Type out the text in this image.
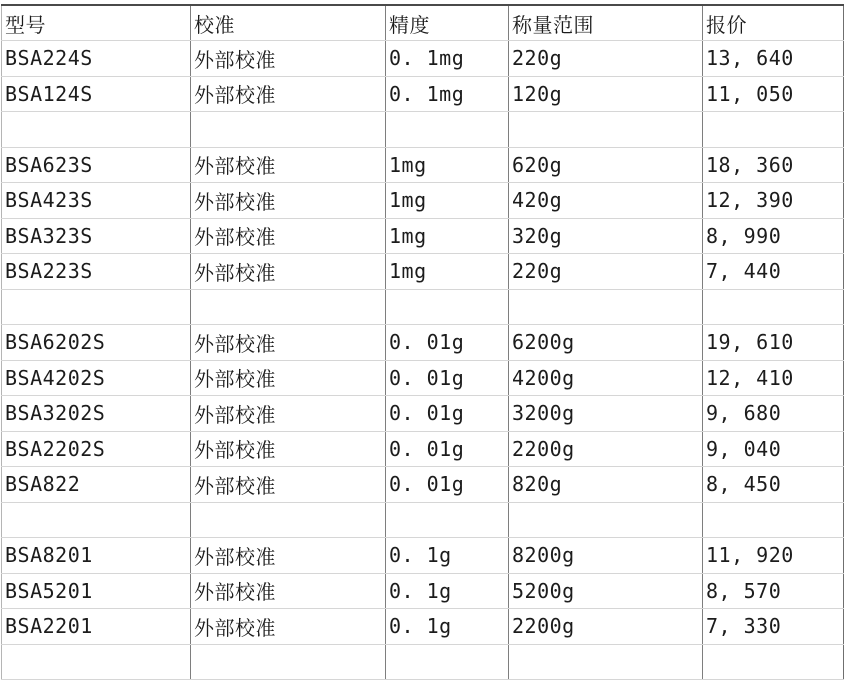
型号	校准	精度	称量范围	报价
BSA224S	外部校准	0. 1mg	220g	13, 640
BSA124S	外部校准	0. 1mg	120g	11, 050

BSA623S	外部校准	1mg	620g	18, 360
BSA423S	外部校准	1mg	420g	12, 390
BSA323S	外部校准	1mg	320g	8, 990
BSA223S	外部校准	1mg	220g	7, 440

BSA6202S	外部校准	0. 01g	6200g	19, 610
BSA4202S	外部校准	0. 01g	4200g	12, 410
BSA3202S	外部校准	0. 01g	3200g	9, 680
BSA2202S	外部校准	0. 01g	2200g	9, 040
BSA822	外部校准	0. 01g	820g	8, 450

BSA8201	外部校准	0. 1g	8200g	11, 920
BSA5201	外部校准	0. 1g	5200g	8, 570
BSA2201	外部校准	0. 1g	2200g	7, 330
